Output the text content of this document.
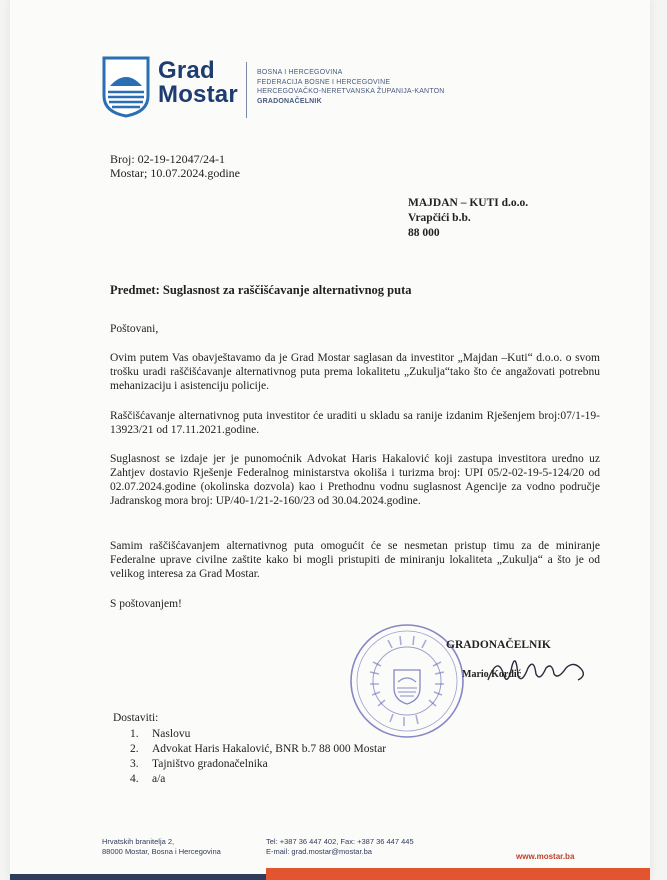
Grad
Mostar
BOSNA I HERCEGOVINA
FEDERACIJA BOSNE I HERCEGOVINE
HERCEGOVAČKO-NERETVANSKA ŽUPANIJA-KANTON
GRADONAČELNIK
Broj: 02-19-12047/24-1
Mostar; 10.07.2024.godine
MAJDAN – KUTI d.o.o.
Vrapčići b.b.
88 000
Predmet: Suglasnost za raščišćavanje alternativnog puta
Poštovani,
Ovim putem Vas obavještavamo da je Grad Mostar saglasan da investitor „Majdan –Kuti“ d.o.o. o svom trošku uradi raščišćavanje alternativnog puta prema lokalitetu „Zukulja“tako što će angažovati potrebnu mehanizaciju i asistenciju policije.
Raščišćavanje alternativnog puta investitor će uraditi u skladu sa ranije izdanim Rješenjem broj:07/1-19-13923/21 od 17.11.2021.godine.
Suglasnost se izdaje jer je punomoćnik Advokat Haris Hakalović koji zastupa investitora uredno uz Zahtjev dostavio Rješenje Federalnog ministarstva okoliša i turizma broj: UPI 05/2-02-19-5-124/20 od 02.07.2024.godine (okolinska dozvola) kao i Prethodnu vodnu suglasnost Agencije za vodno područje Jadranskog mora broj: UP/40-1/21-2-160/23 od 30.04.2024.godine.
Samim raščišćavanjem alternativnog puta omogućit će se nesmetan pristup timu za de miniranje Federalne uprave civilne zaštite kako bi mogli pristupiti de miniranju lokaliteta „Zukulja“ a što je od velikog interesa za Grad Mostar.
S poštovanjem!
GRADONAČELNIK
Mario Kordić
Dostaviti:
1. Naslovu
2. Advokat Haris Hakalović, BNR b.7 88 000 Mostar
3. Tajništvo gradonačelnika
4. a/a
Hrvatskih branitelja 2,
88000 Mostar, Bosna i Hercegovina
Tel: +387 36 447 402, Fax: +387 36 447 445
E-mail: grad.mostar@mostar.ba
www.mostar.ba
